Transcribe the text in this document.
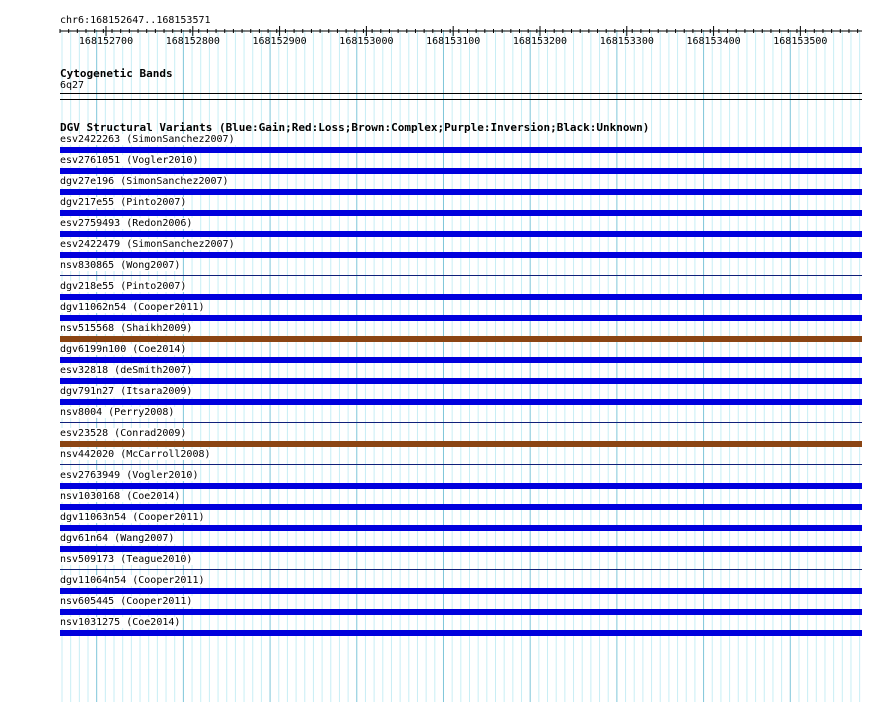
chr6:168152647..168153571
168152700	168152800	168152900	168153000	168153100	168153200	168153300	168153400	168153500
Cytogenetic Bands
6q27
DGV Structural Variants (Blue:Gain;Red:Loss;Brown:Complex;Purple:Inversion;Black:Unknown)
esv2422263 (SimonSanchez2007)
esv2761051 (Vogler2010)
dgv27e196 (SimonSanchez2007)
dgv217e55 (Pinto2007)
esv2759493 (Redon2006)
esv2422479 (SimonSanchez2007)
nsv830865 (Wong2007)
dgv218e55 (Pinto2007)
dgv11062n54 (Cooper2011)
nsv515568 (Shaikh2009)
dgv6199n100 (Coe2014)
esv32818 (deSmith2007)
dgv791n27 (Itsara2009)
nsv8004 (Perry2008)
esv23528 (Conrad2009)
nsv442020 (McCarroll2008)
esv2763949 (Vogler2010)
nsv1030168 (Coe2014)
dgv11063n54 (Cooper2011)
dgv61n64 (Wang2007)
nsv509173 (Teague2010)
dgv11064n54 (Cooper2011)
nsv605445 (Cooper2011)
nsv1031275 (Coe2014)
